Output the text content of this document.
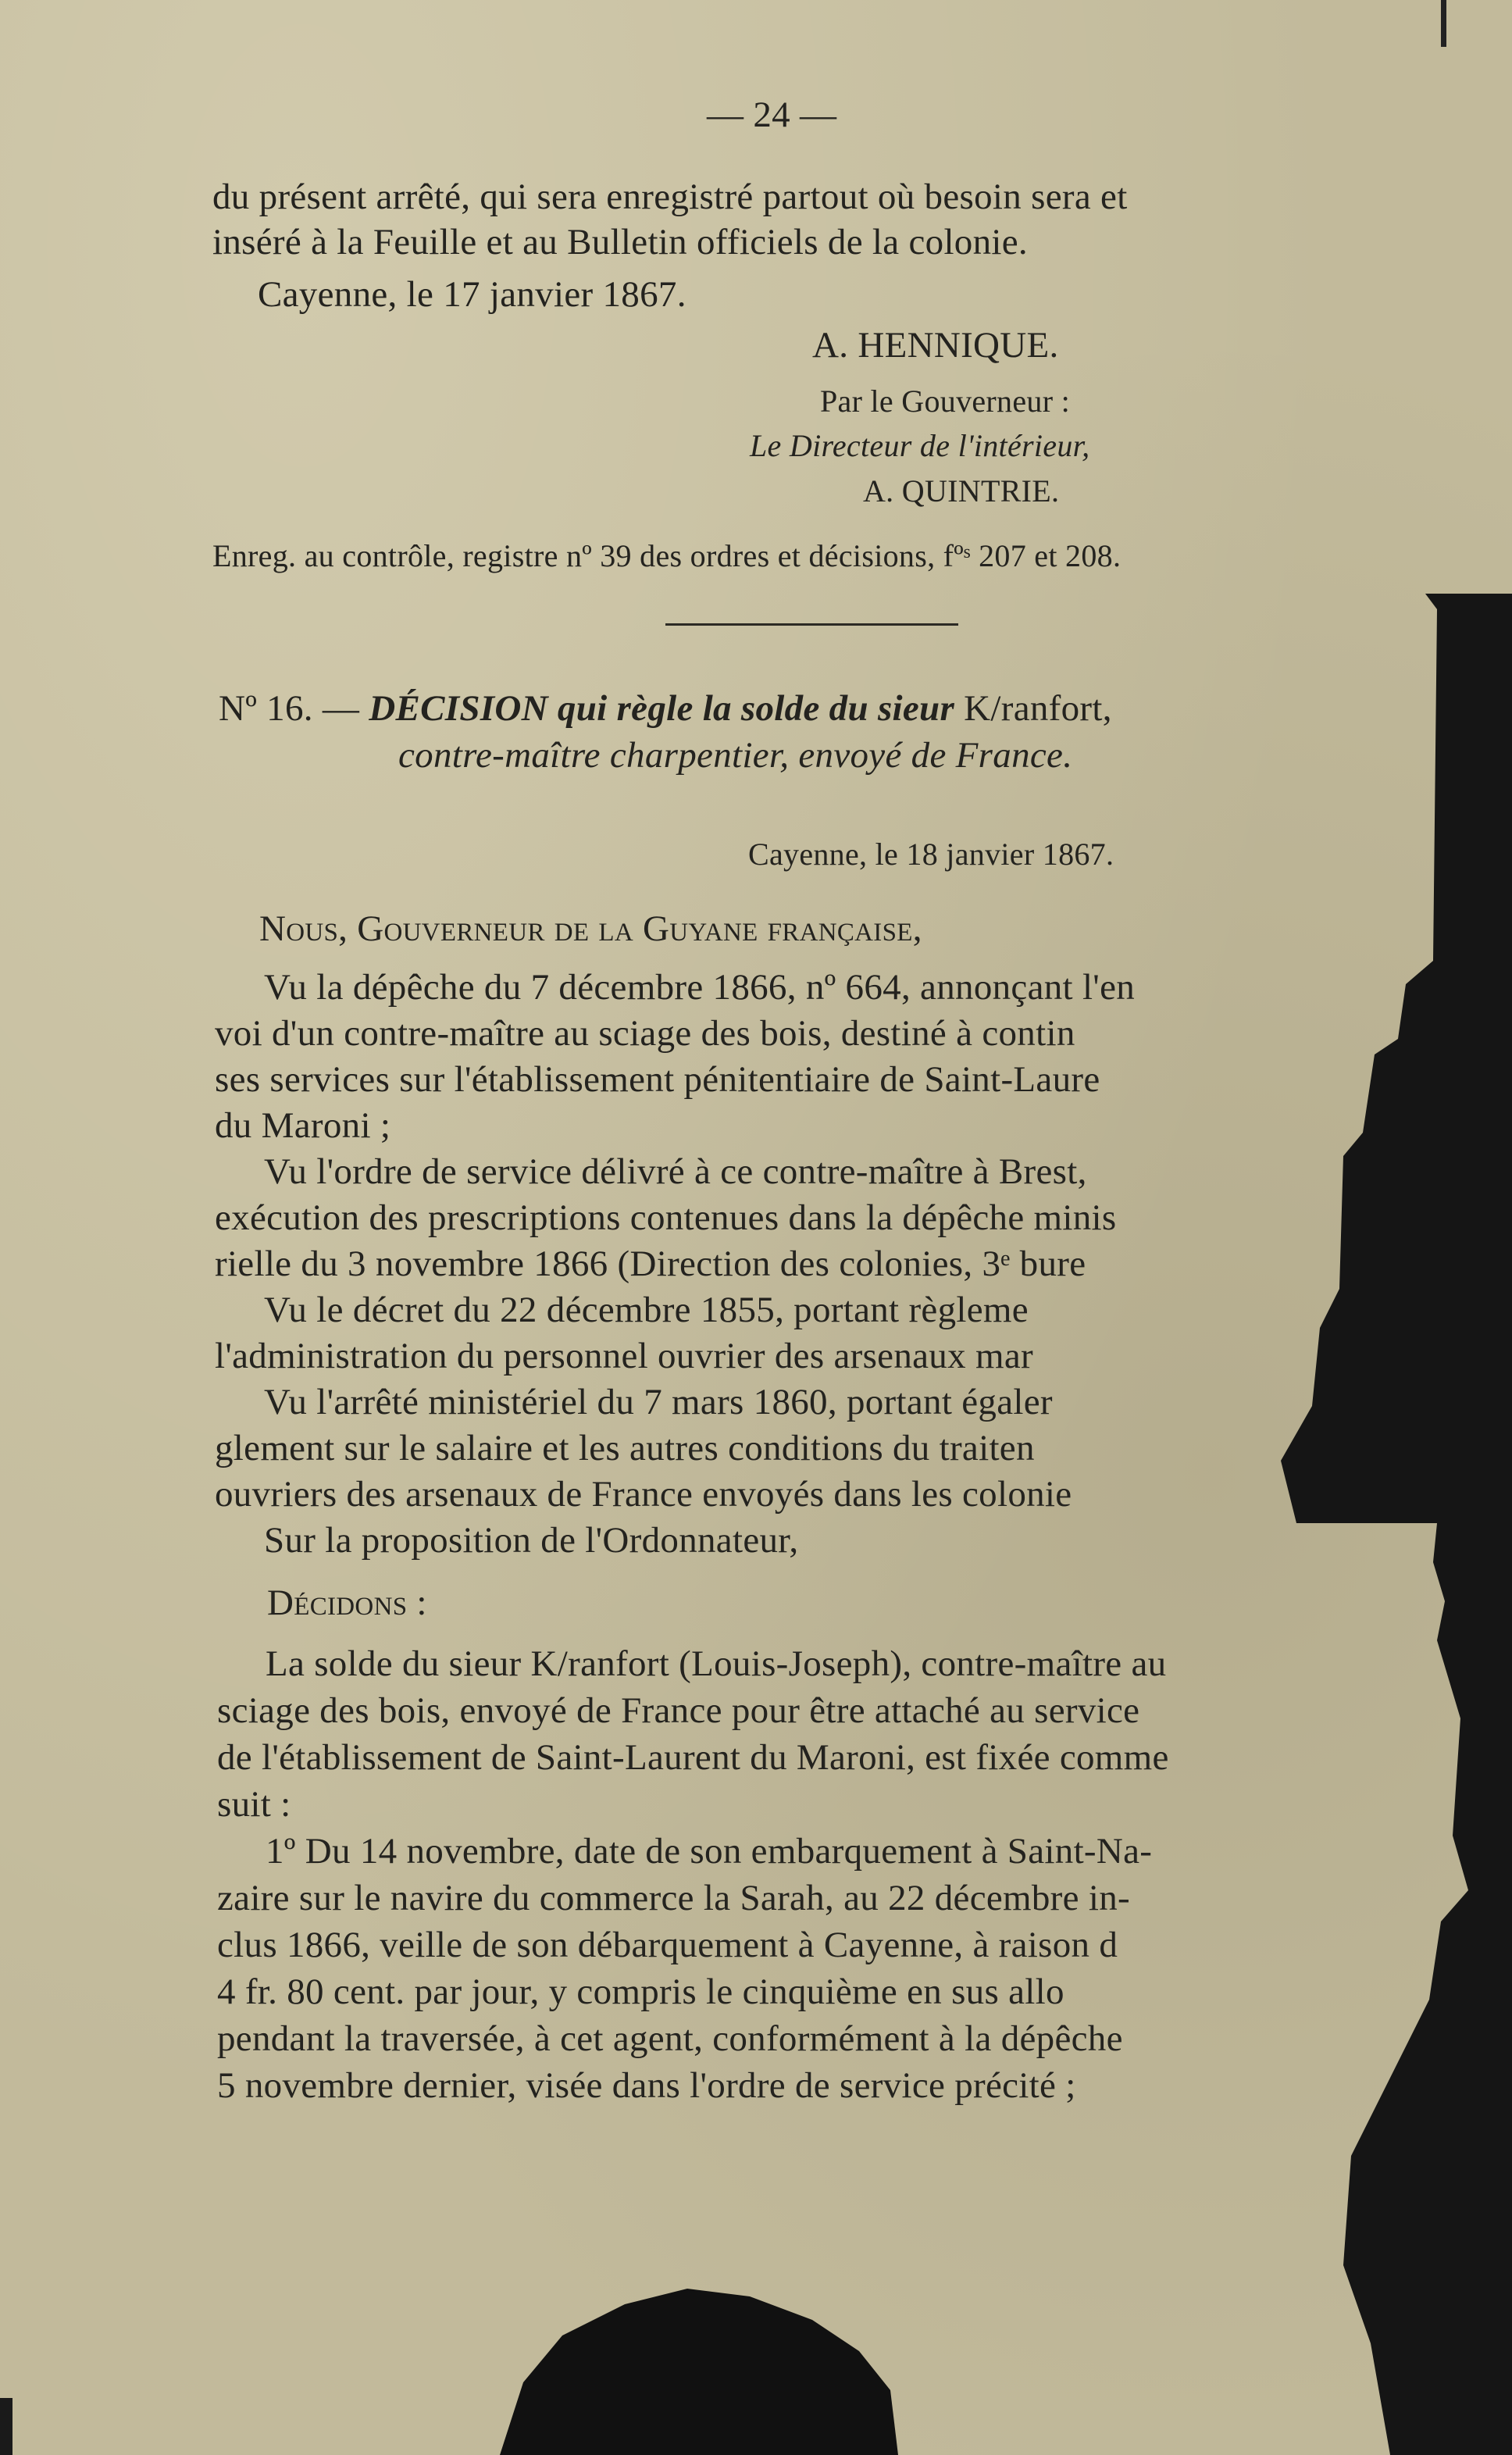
— 24 —
du présent arrêté, qui sera enregistré partout où besoin sera et
inséré à la Feuille et au Bulletin officiels de la colonie.
Cayenne, le 17 janvier 1867.
A. HENNIQUE.
Par le Gouverneur :
Le Directeur de l'intérieur,
A. QUINTRIE.
Enreg. au contrôle, registre nº 39 des ordres et décisions, fºˢ 207 et 208.
Nº 16. — DÉCISION qui règle la solde du sieur K/ranfort,
contre-maître charpentier, envoyé de France.
Cayenne, le 18 janvier 1867.
Nous, Gouverneur de la Guyane française,
Vu la dépêche du 7 décembre 1866, nº 664, annonçant l'en
voi d'un contre-maître au sciage des bois, destiné à contin
ses services sur l'établissement pénitentiaire de Saint-Laure
du Maroni ;
Vu l'ordre de service délivré à ce contre-maître à Brest,
exécution des prescriptions contenues dans la dépêche minis
rielle du 3 novembre 1866 (Direction des colonies, 3ᵉ bure
Vu le décret du 22 décembre 1855, portant règleme
l'administration du personnel ouvrier des arsenaux mar
Vu l'arrêté ministériel du 7 mars 1860, portant égaler
glement sur le salaire et les autres conditions du traiten
ouvriers des arsenaux de France envoyés dans les colonie
Sur la proposition de l'Ordonnateur,
Décidons :
La solde du sieur K/ranfort (Louis-Joseph), contre-maître au
sciage des bois, envoyé de France pour être attaché au service
de l'établissement de Saint-Laurent du Maroni, est fixée comme
suit :
1º Du 14 novembre, date de son embarquement à Saint-Na-
zaire sur le navire du commerce la Sarah, au 22 décembre in-
clus 1866, veille de son débarquement à Cayenne, à raison d
4 fr. 80 cent. par jour, y compris le cinquième en sus allo
pendant la traversée, à cet agent, conformément à la dépêche
5 novembre dernier, visée dans l'ordre de service précité ;
